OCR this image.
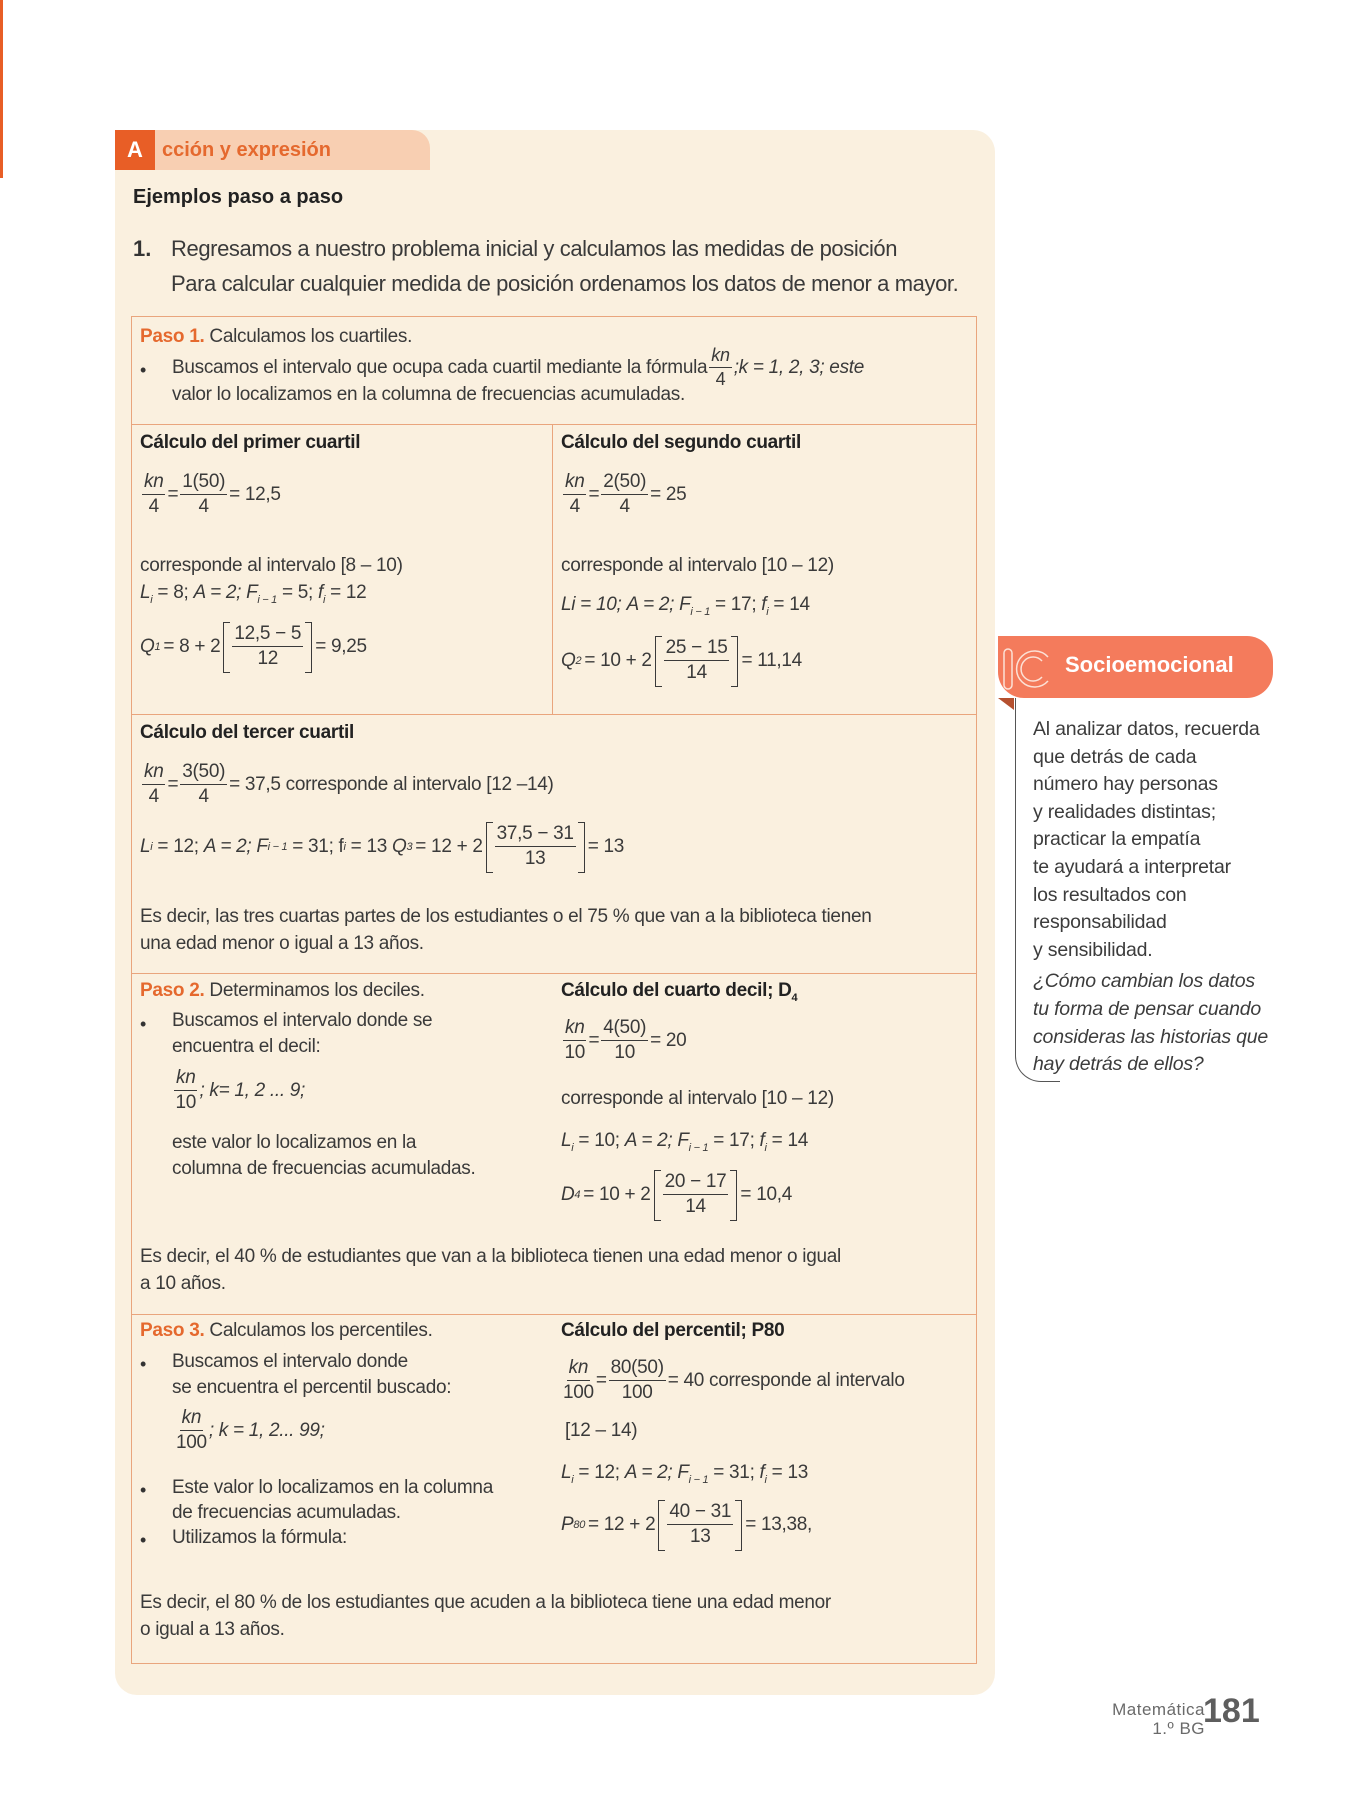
A cción y expresión
Ejemplos paso a paso
1. Regresamos a nuestro problema inicial y calculamos las medidas de posición
Para calcular cualquier medida de posición ordenamos los datos de menor a mayor.
Paso 1. Calculamos los cuartiles.
• Buscamos el intervalo que ocupa cada cuartil mediante la fórmula $\frac{kn}{4}$ ;k = 1, 2, 3; este
valor lo localizamos en la columna de frecuencias acumuladas.
Cálculo del primer cuartil
$\frac{kn}{4} = \frac{1(50)}{4} = 12,5$
corresponde al intervalo [8 – 10)
$L_i = 8$; A = 2; $F_{i - 1} = 5$; $f_i = 12$
Q $1 = 8 + 2 \frac{12,5 - 5}{12} = 9,25$
Cálculo del segundo cuartil
$\frac{kn}{4} = \frac{2(50)}{4} = 25$
corresponde al intervalo [10 – 12)
Li = 10; A = 2; $F_{i - 1} = 17$; $f_i = 14$
Q $2 = 10 + 2 \frac{25 - 15}{14} = 11,14$
Cálculo del tercer cuartil
$\frac{kn}{4} = \frac{3(50)}{4} = 37,5$ corresponde al intervalo [12 –14)
L i
= 12;
A = 2;
F i − 1
= 31;
f i
= 13
Q $3 = 12 + 2 \frac{37,5 - 31}{13} = 13$
Es decir, las tres cuartas partes de los estudiantes o el 75 % que van a la biblioteca tienen
una edad menor o igual a 13 años.
Paso 2. Determinamos los deciles.
• Buscamos el intervalo donde se
encuentra el decil:
$\frac{kn}{10}$ ; k= 1, 2 ... 9;
este valor lo localizamos en la
columna de frecuencias acumuladas.
Cálculo del cuarto decil; $D_4$
$\frac{kn}{10} = \frac{4(50)}{10} = 20$
corresponde al intervalo [10 – 12)
$L_i = 10$; A = 2; $F_{i - 1} = 17$; $f_i = 14$
D $4 = 10 + 2 \frac{20 - 17}{14} = 10,4$
Es decir, el 40 % de estudiantes que van a la biblioteca tienen una edad menor o igual
a 10 años.
Paso 3. Calculamos los percentiles.
• Buscamos el intervalo donde
se encuentra el percentil buscado:
$\frac{kn}{100}$ ; k = 1, 2... 99;
• Este valor lo localizamos en la columna
de frecuencias acumuladas.
• Utilizamos la fórmula:
Cálculo del percentil; P80
$\frac{kn}{100} = \frac{80(50)}{100} = 40$ corresponde al intervalo
[12 – 14)
$L_i = 12$; A = 2; $F_{i - 1} = 31$; $f_i = 13$
P $80 = 12 + 2 \frac{40 - 31}{13} = 13,38$,
Es decir, el 80 % de los estudiantes que acuden a la biblioteca tiene una edad menor
o igual a 13 años.
Socioemocional
Al analizar datos, recuerda
que detrás de cada
número hay personas
y realidades distintas;
practicar la empatía
te ayudará a interpretar
los resultados con
responsabilidad
y sensibilidad.
¿Cómo cambian los datos
tu forma de pensar cuando
consideras las historias que
hay detrás de ellos?
Matemática
1.º BG
181
